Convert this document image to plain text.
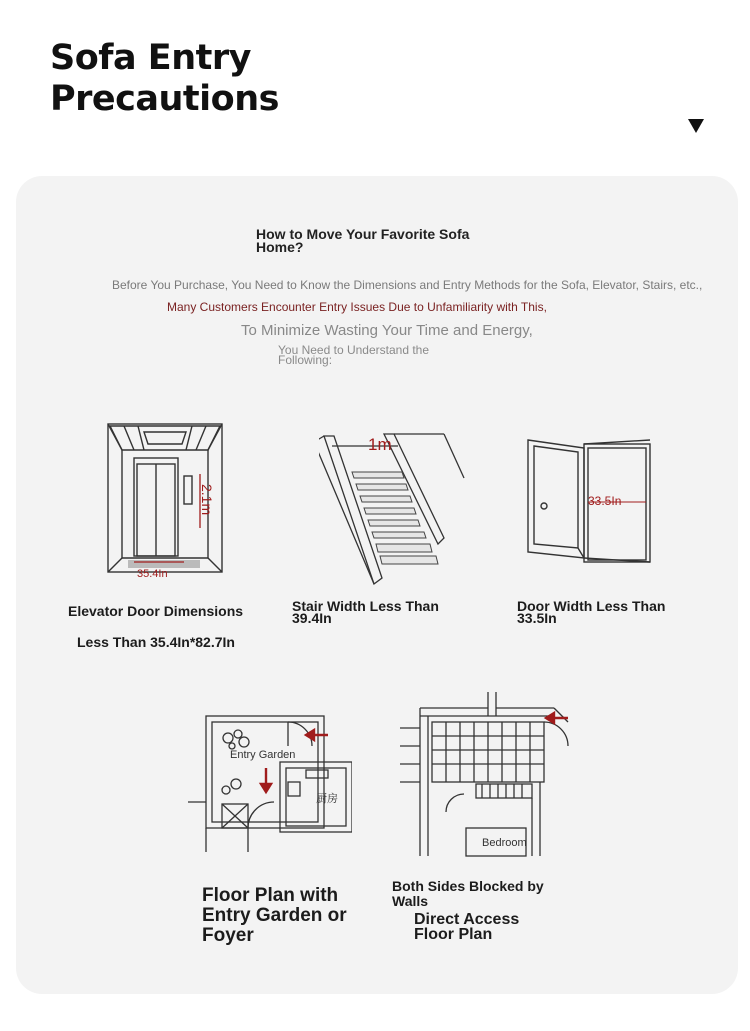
Sofa Entry
Precautions
How to Move Your Favorite Sofa
Home?
Before You Purchase, You Need to Know the Dimensions and Entry Methods for the Sofa, Elevator, Stairs, etc.,
Many Customers Encounter Entry Issues Due to Unfamiliarity with This,
To Minimize Wasting Your Time and Energy,
You Need to Understand the
Following:
2.1m
35.4In
Elevator Door Dimensions
Less Than 35.4In*82.7In
1m
Stair Width Less Than
39.4In
33.5In
Door Width Less Than
33.5In
Entry Garden
厨房
Floor Plan with
Entry Garden or
Foyer
Bedroom
Both Sides Blocked by
Walls
Direct Access
Floor Plan
